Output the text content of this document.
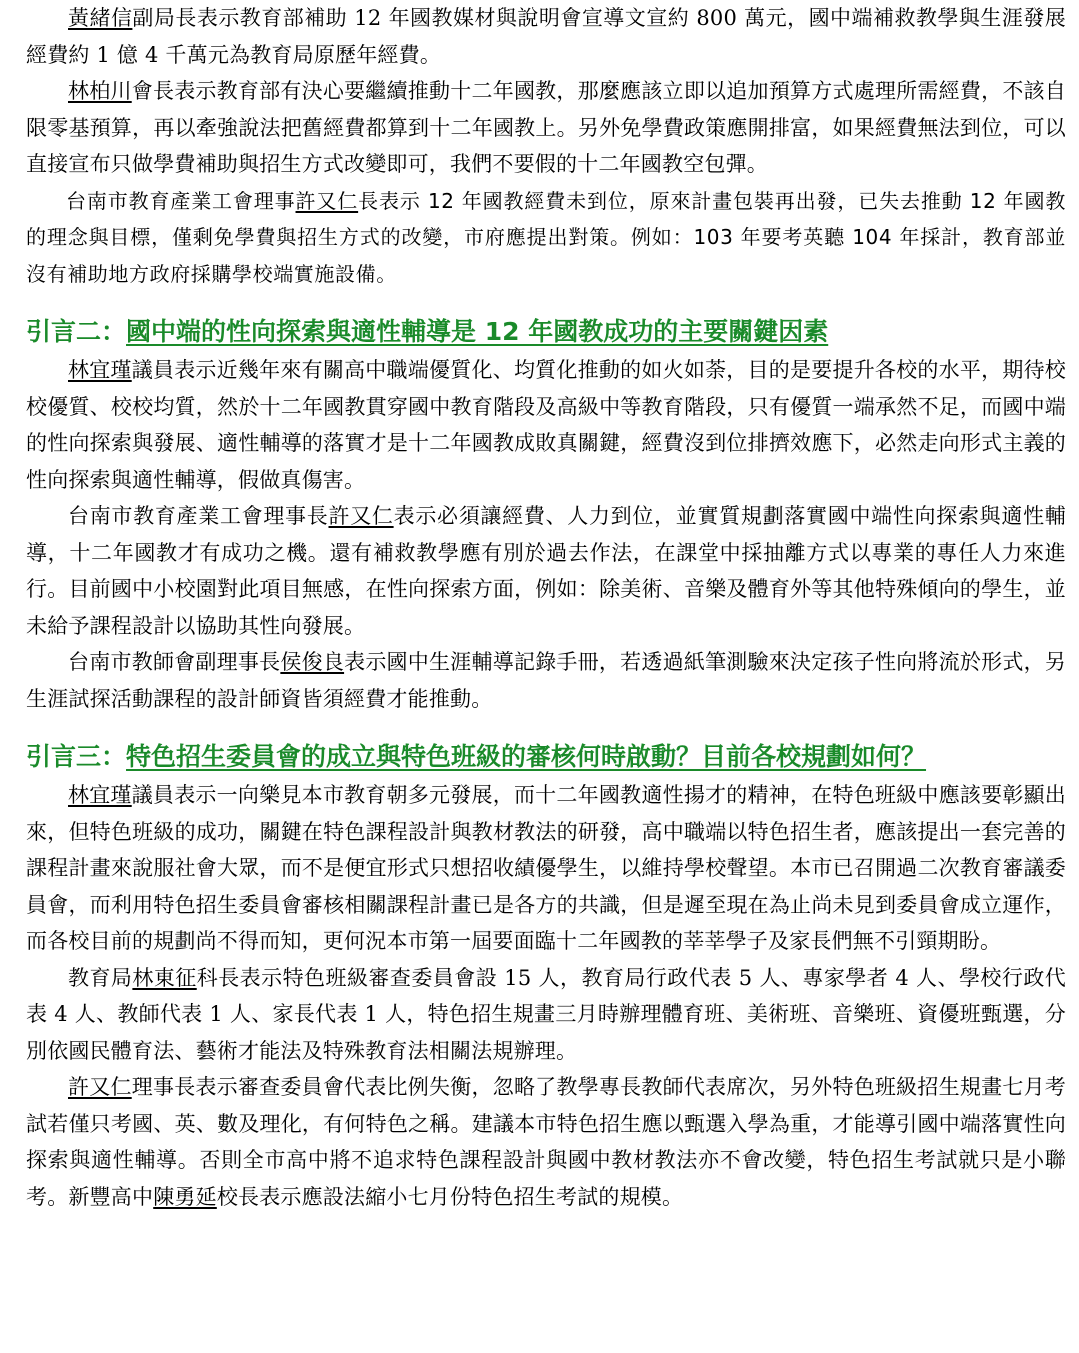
黃緒信副局長表示教育部補助 12 年國教媒材與說明會宣導文宣約 800 萬元，國中端補救教學與生涯發展經費約 1 億 4 千萬元為教育局原歷年經費。

林柏川會長表示教育部有決心要繼續推動十二年國教，那麼應該立即以追加預算方式處理所需經費，不該自限零基預算，再以牽強說法把舊經費都算到十二年國教上。另外免學費政策應開排富，如果經費無法到位，可以直接宣布只做學費補助與招生方式改變即可，我們不要假的十二年國教空包彈。

台南市教育產業工會理事許又仁長表示 12 年國教經費未到位，原來計畫包裝再出發，已失去推動 12 年國教的理念與目標，僅剩免學費與招生方式的改變，市府應提出對策。例如：103 年要考英聽 104 年採計，教育部並沒有補助地方政府採購學校端實施設備。

引言二：國中端的性向探索與適性輔導是 12 年國教成功的主要關鍵因素

林宜瑾議員表示近幾年來有關高中職端優質化、均質化推動的如火如荼，目的是要提升各校的水平，期待校校優質、校校均質，然於十二年國教貫穿國中教育階段及高級中等教育階段，只有優質一端承然不足，而國中端的性向探索與發展、適性輔導的落實才是十二年國教成敗真關鍵，經費沒到位排擠效應下，必然走向形式主義的性向探索與適性輔導，假做真傷害。

台南市教育產業工會理事長許又仁表示必須讓經費、人力到位，並實質規劃落實國中端性向探索與適性輔導，十二年國教才有成功之機。還有補救教學應有別於過去作法，在課堂中採抽離方式以專業的專任人力來進行。目前國中小校園對此項目無感，在性向探索方面，例如：除美術、音樂及體育外等其他特殊傾向的學生，並未給予課程設計以協助其性向發展。

台南市教師會副理事長侯俊良表示國中生涯輔導記錄手冊，若透過紙筆測驗來決定孩子性向將流於形式，另生涯試探活動課程的設計師資皆須經費才能推動。

引言三：特色招生委員會的成立與特色班級的審核何時啟動？目前各校規劃如何？

林宜瑾議員表示一向樂見本市教育朝多元發展，而十二年國教適性揚才的精神，在特色班級中應該要彰顯出來，但特色班級的成功，關鍵在特色課程設計與教材教法的研發，高中職端以特色招生者，應該提出一套完善的課程計畫來說服社會大眾，而不是便宜形式只想招收績優學生，以維持學校聲望。本市已召開過二次教育審議委員會，而利用特色招生委員會審核相關課程計畫已是各方的共識，但是遲至現在為止尚未見到委員會成立運作，而各校目前的規劃尚不得而知，更何況本市第一屆要面臨十二年國教的莘莘學子及家長們無不引頸期盼。

教育局林東征科長表示特色班級審查委員會設 15 人，教育局行政代表 5 人、專家學者 4 人、學校行政代表 4 人、教師代表 1 人、家長代表 1 人，特色招生規畫三月時辦理體育班、美術班、音樂班、資優班甄選，分別依國民體育法、藝術才能法及特殊教育法相關法規辦理。

許又仁理事長表示審查委員會代表比例失衡，忽略了教學專長教師代表席次，另外特色班級招生規畫七月考試若僅只考國、英、數及理化，有何特色之稱。建議本市特色招生應以甄選入學為重，才能導引國中端落實性向探索與適性輔導。否則全市高中將不追求特色課程設計與國中教材教法亦不會改變，特色招生考試就只是小聯考。新豐高中陳勇延校長表示應設法縮小七月份特色招生考試的規模。
